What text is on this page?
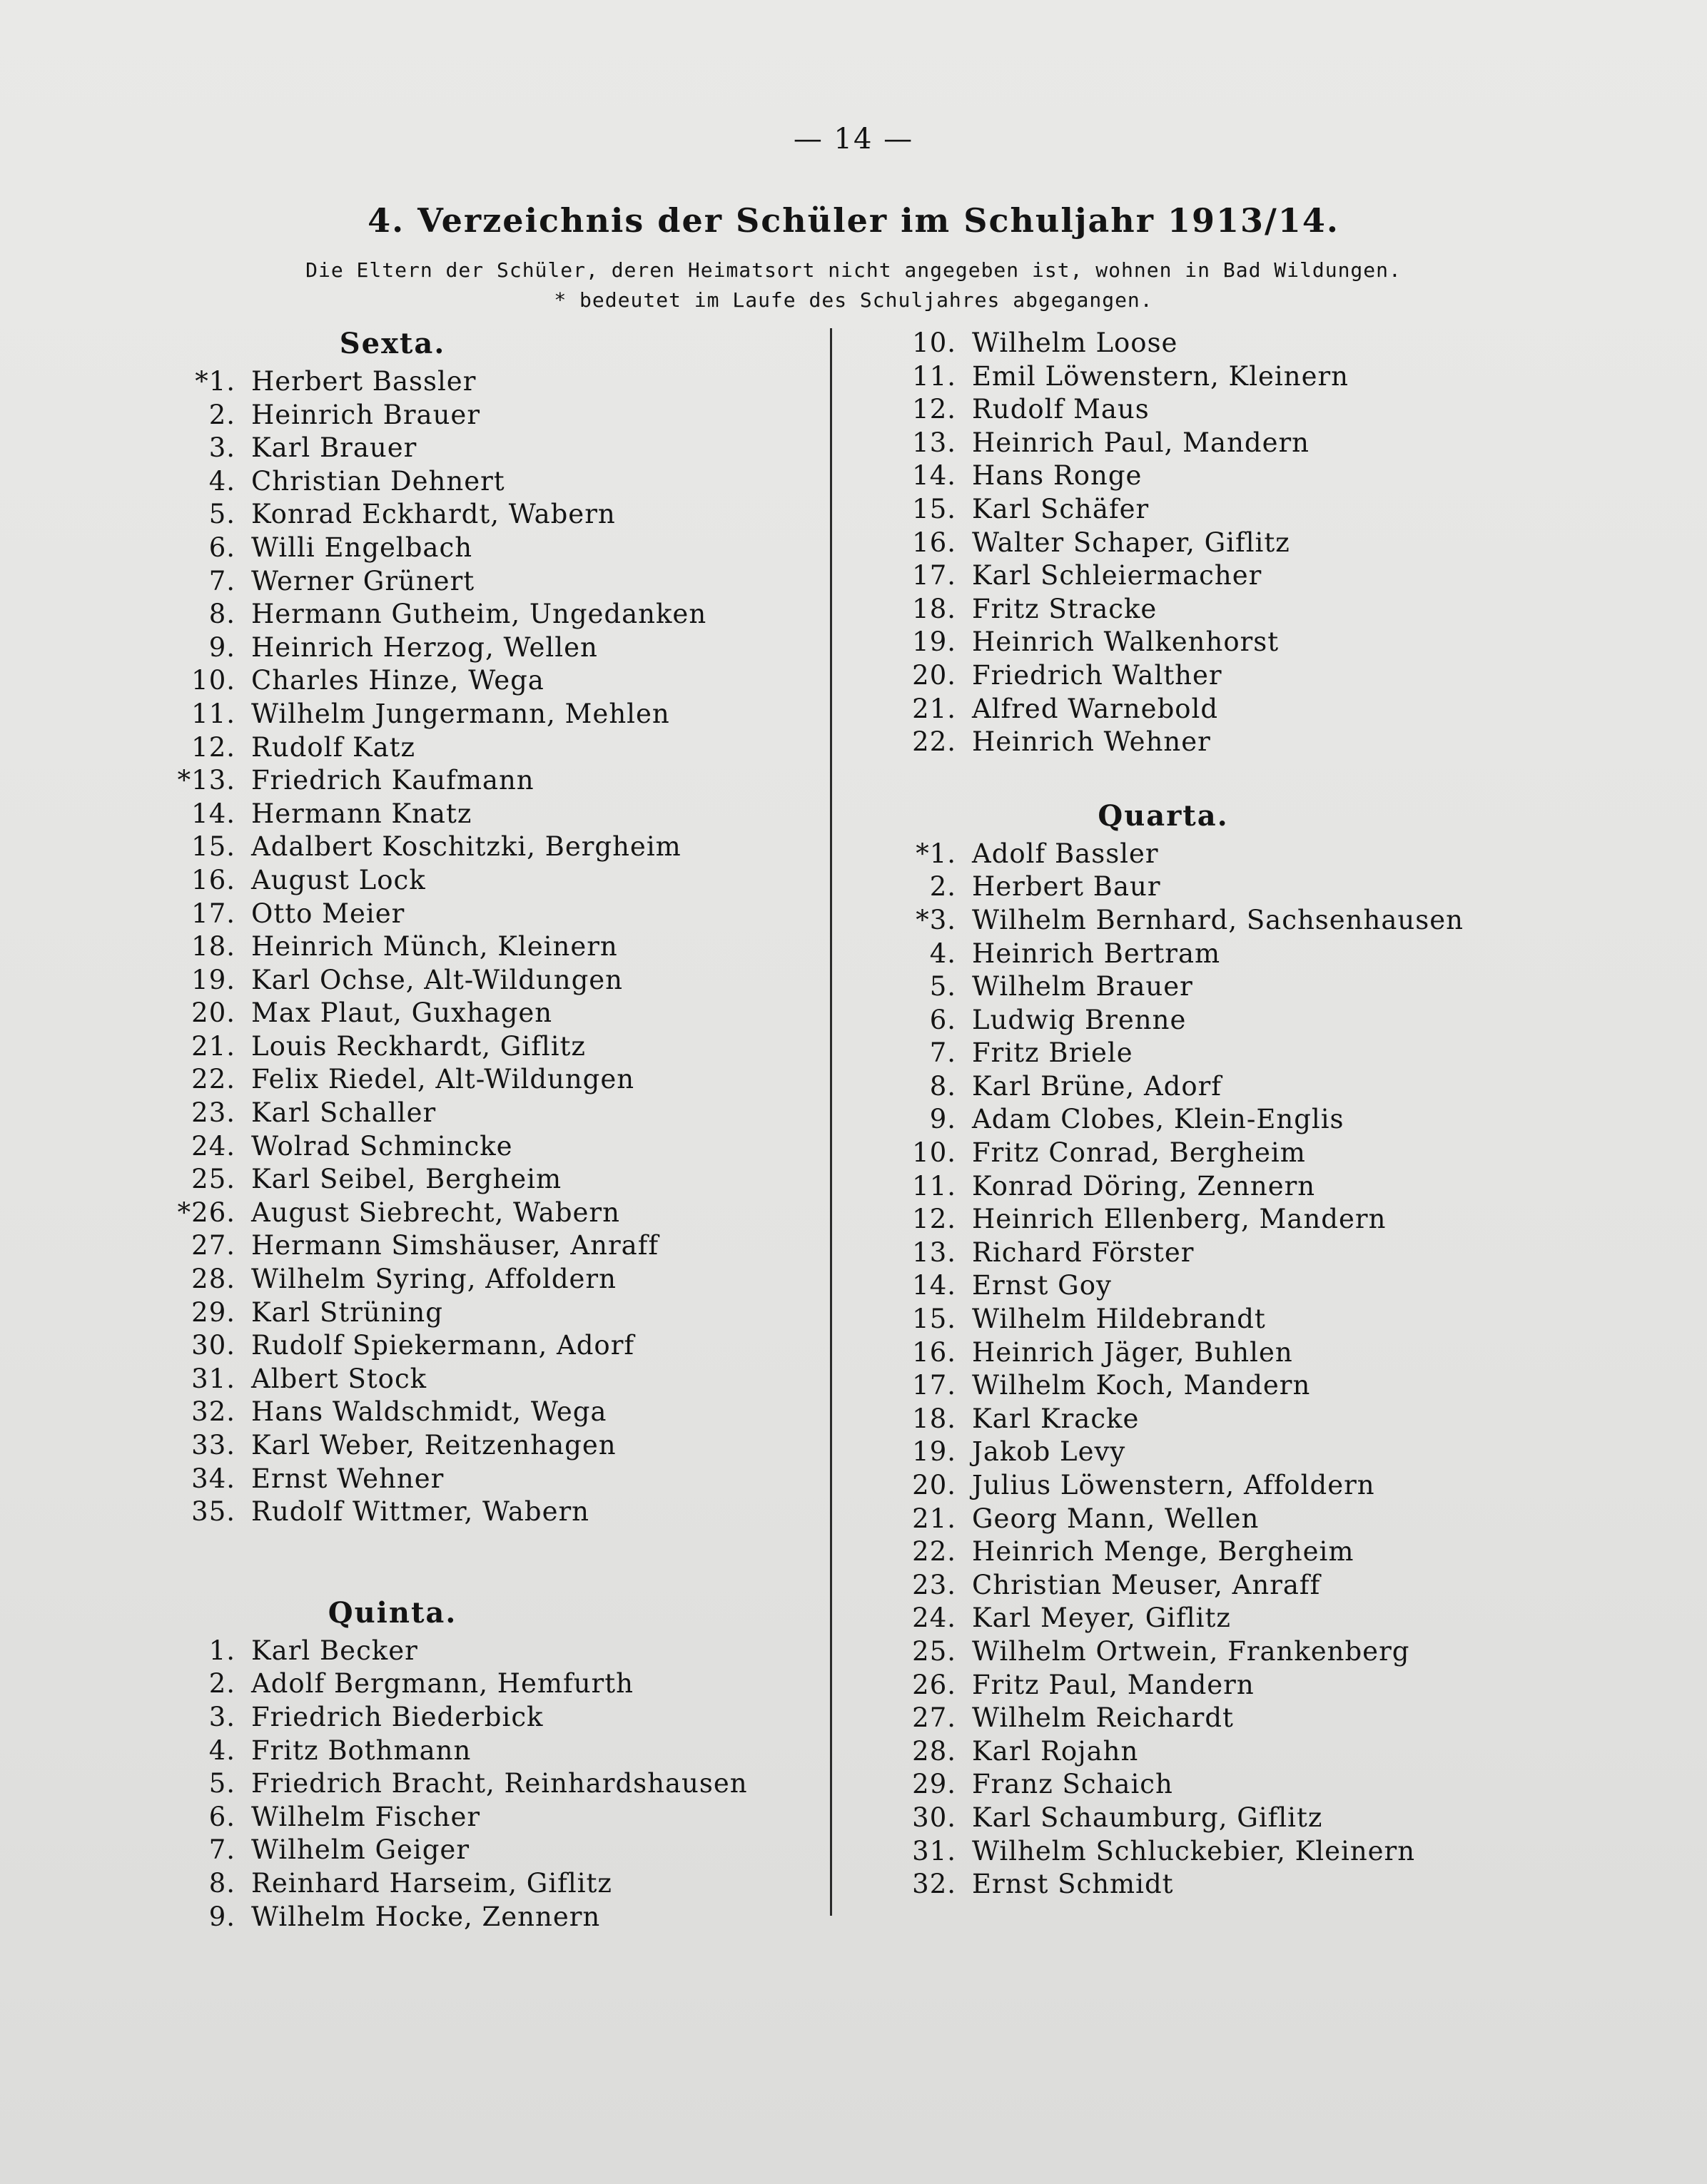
— 14 —
4. Verzeichnis der Schüler im Schuljahr 1913/14.
Die Eltern der Schüler, deren Heimatsort nicht angegeben ist, wohnen in Bad Wildungen.
* bedeutet im Laufe des Schuljahres abgegangen.
Sexta.
*1. Herbert Bassler
2. Heinrich Brauer
3. Karl Brauer
4. Christian Dehnert
5. Konrad Eckhardt, Wabern
6. Willi Engelbach
7. Werner Grünert
8. Hermann Gutheim, Ungedanken
9. Heinrich Herzog, Wellen
10. Charles Hinze, Wega
11. Wilhelm Jungermann, Mehlen
12. Rudolf Katz
*13. Friedrich Kaufmann
14. Hermann Knatz
15. Adalbert Koschitzki, Bergheim
16. August Lock
17. Otto Meier
18. Heinrich Münch, Kleinern
19. Karl Ochse, Alt-Wildungen
20. Max Plaut, Guxhagen
21. Louis Reckhardt, Giflitz
22. Felix Riedel, Alt-Wildungen
23. Karl Schaller
24. Wolrad Schmincke
25. Karl Seibel, Bergheim
*26. August Siebrecht, Wabern
27. Hermann Simshäuser, Anraff
28. Wilhelm Syring, Affoldern
29. Karl Strüning
30. Rudolf Spiekermann, Adorf
31. Albert Stock
32. Hans Waldschmidt, Wega
33. Karl Weber, Reitzenhagen
34. Ernst Wehner
35. Rudolf Wittmer, Wabern
Quinta.
1. Karl Becker
2. Adolf Bergmann, Hemfurth
3. Friedrich Biederbick
4. Fritz Bothmann
5. Friedrich Bracht, Reinhardshausen
6. Wilhelm Fischer
7. Wilhelm Geiger
8. Reinhard Harseim, Giflitz
9. Wilhelm Hocke, Zennern
10. Wilhelm Loose
11. Emil Löwenstern, Kleinern
12. Rudolf Maus
13. Heinrich Paul, Mandern
14. Hans Ronge
15. Karl Schäfer
16. Walter Schaper, Giflitz
17. Karl Schleiermacher
18. Fritz Stracke
19. Heinrich Walkenhorst
20. Friedrich Walther
21. Alfred Warnebold
22. Heinrich Wehner
Quarta.
*1. Adolf Bassler
2. Herbert Baur
*3. Wilhelm Bernhard, Sachsenhausen
4. Heinrich Bertram
5. Wilhelm Brauer
6. Ludwig Brenne
7. Fritz Briele
8. Karl Brüne, Adorf
9. Adam Clobes, Klein-Englis
10. Fritz Conrad, Bergheim
11. Konrad Döring, Zennern
12. Heinrich Ellenberg, Mandern
13. Richard Förster
14. Ernst Goy
15. Wilhelm Hildebrandt
16. Heinrich Jäger, Buhlen
17. Wilhelm Koch, Mandern
18. Karl Kracke
19. Jakob Levy
20. Julius Löwenstern, Affoldern
21. Georg Mann, Wellen
22. Heinrich Menge, Bergheim
23. Christian Meuser, Anraff
24. Karl Meyer, Giflitz
25. Wilhelm Ortwein, Frankenberg
26. Fritz Paul, Mandern
27. Wilhelm Reichardt
28. Karl Rojahn
29. Franz Schaich
30. Karl Schaumburg, Giflitz
31. Wilhelm Schluckebier, Kleinern
32. Ernst Schmidt
